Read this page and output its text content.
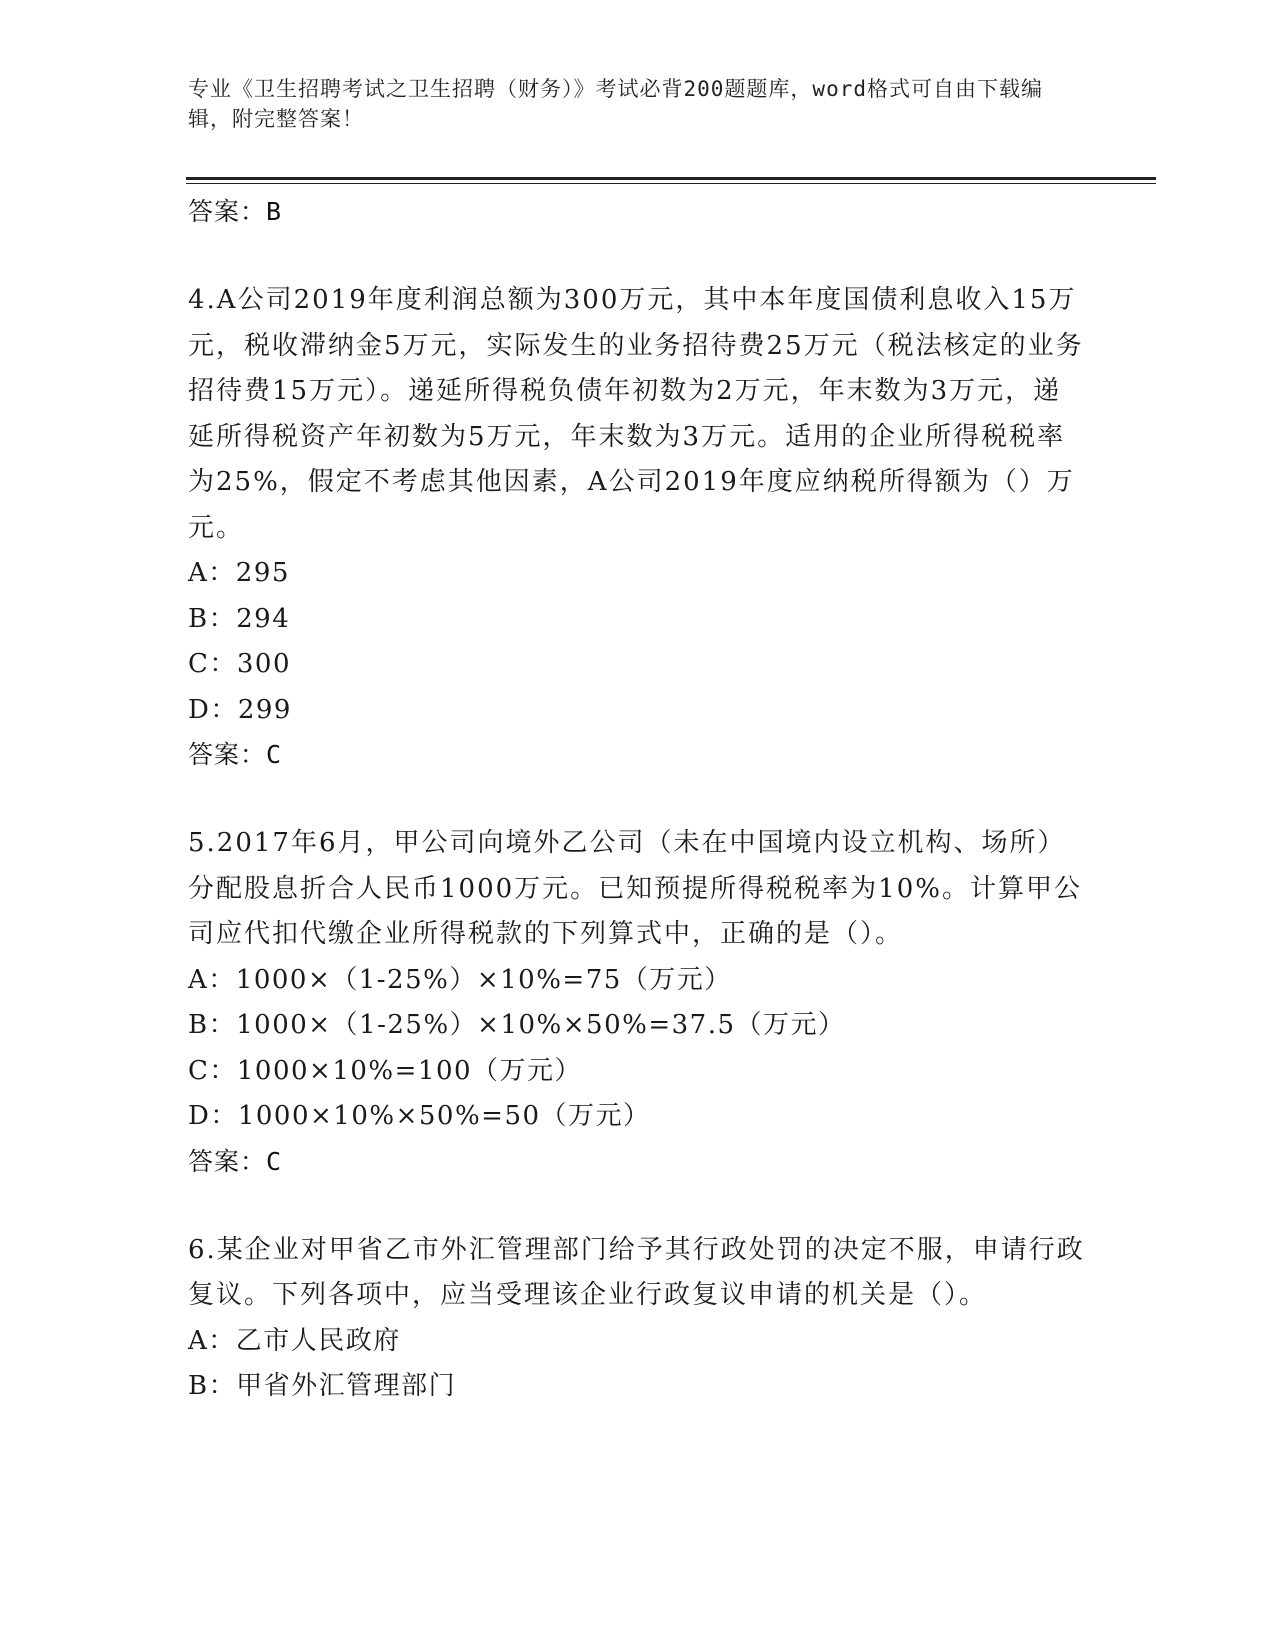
专业《卫生招聘考试之卫生招聘（财务）》考试必背200题题库，word格式可自由下载编辑，附完整答案！

答案：B

4.A公司2019年度利润总额为300万元，其中本年度国债利息收入15万元，税收滞纳金5万元，实际发生的业务招待费25万元（税法核定的业务招待费15万元）。递延所得税负债年初数为2万元，年末数为3万元，递延所得税资产年初数为5万元，年末数为3万元。适用的企业所得税税率为25%，假定不考虑其他因素，A公司2019年度应纳税所得额为（）万元。

A：295

B：294

C：300

D：299

答案：C

5.2017年6月，甲公司向境外乙公司（未在中国境内设立机构、场所）分配股息折合人民币1000万元。已知预提所得税税率为10%。计算甲公司应代扣代缴企业所得税款的下列算式中，正确的是（）。

A：1000×（1-25%）×10%=75（万元）

B：1000×（1-25%）×10%×50%=37.5（万元）

C：1000×10%=100（万元）

D：1000×10%×50%=50（万元）

答案：C

6.某企业对甲省乙市外汇管理部门给予其行政处罚的决定不服，申请行政复议。下列各项中，应当受理该企业行政复议申请的机关是（）。

A：乙市人民政府

B：甲省外汇管理部门
